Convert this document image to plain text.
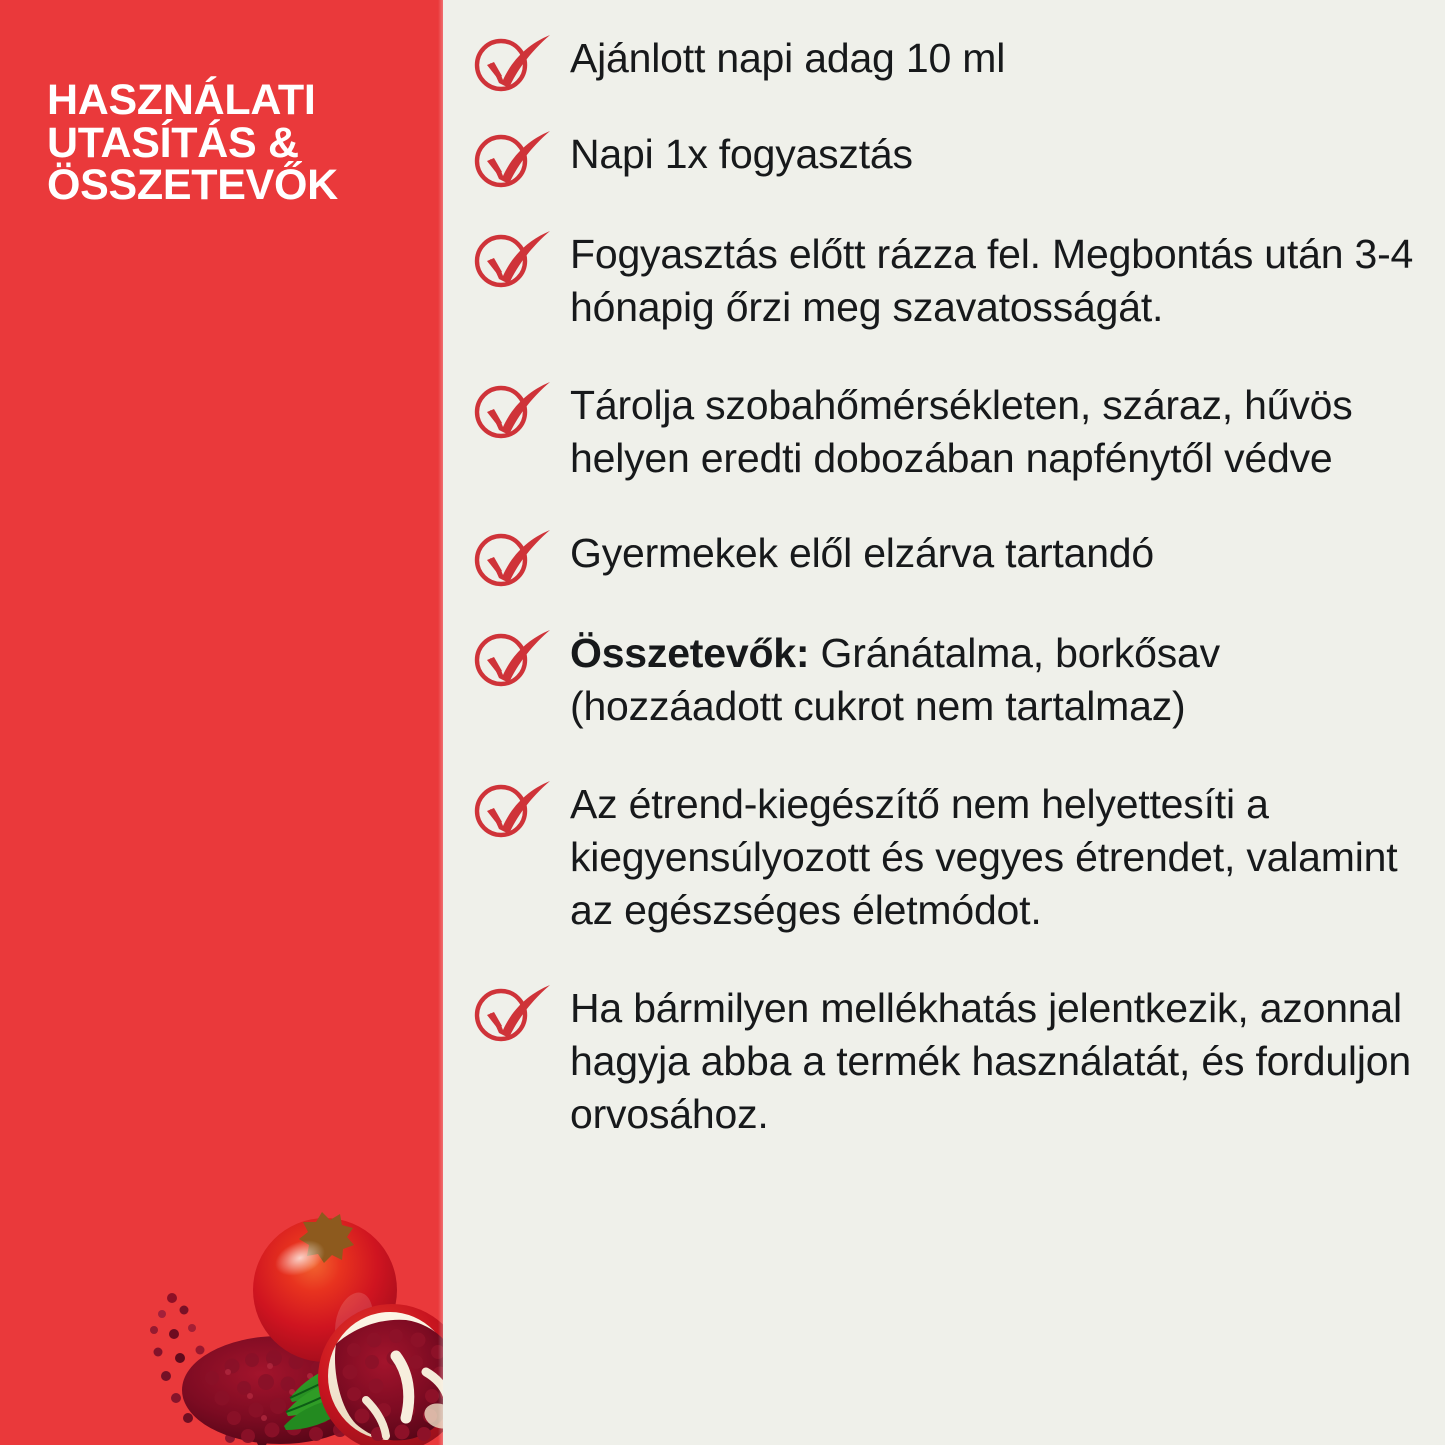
HASZNÁLATI
UTASÍTÁS &
ÖSSZETEVŐK
Ajánlott napi adag 10 ml
Napi 1x fogyasztás
Fogyasztás előtt rázza fel. Megbontás után 3-4 hónapig őrzi meg szavatosságát.
Tárolja szobahőmérsékleten, száraz, hűvös helyen eredti dobozában napfénytől védve
Gyermekek elől elzárva tartandó
Összetevők: Gránátalma, borkősav (hozzáadott cukrot nem tartalmaz)
Az étrend-kiegészítő nem helyettesíti a kiegyensúlyozott és vegyes étrendet, valamint az egészséges életmódot.
Ha bármilyen mellékhatás jelentkezik, azonnal hagyja abba a termék használatát, és forduljon orvosához.
